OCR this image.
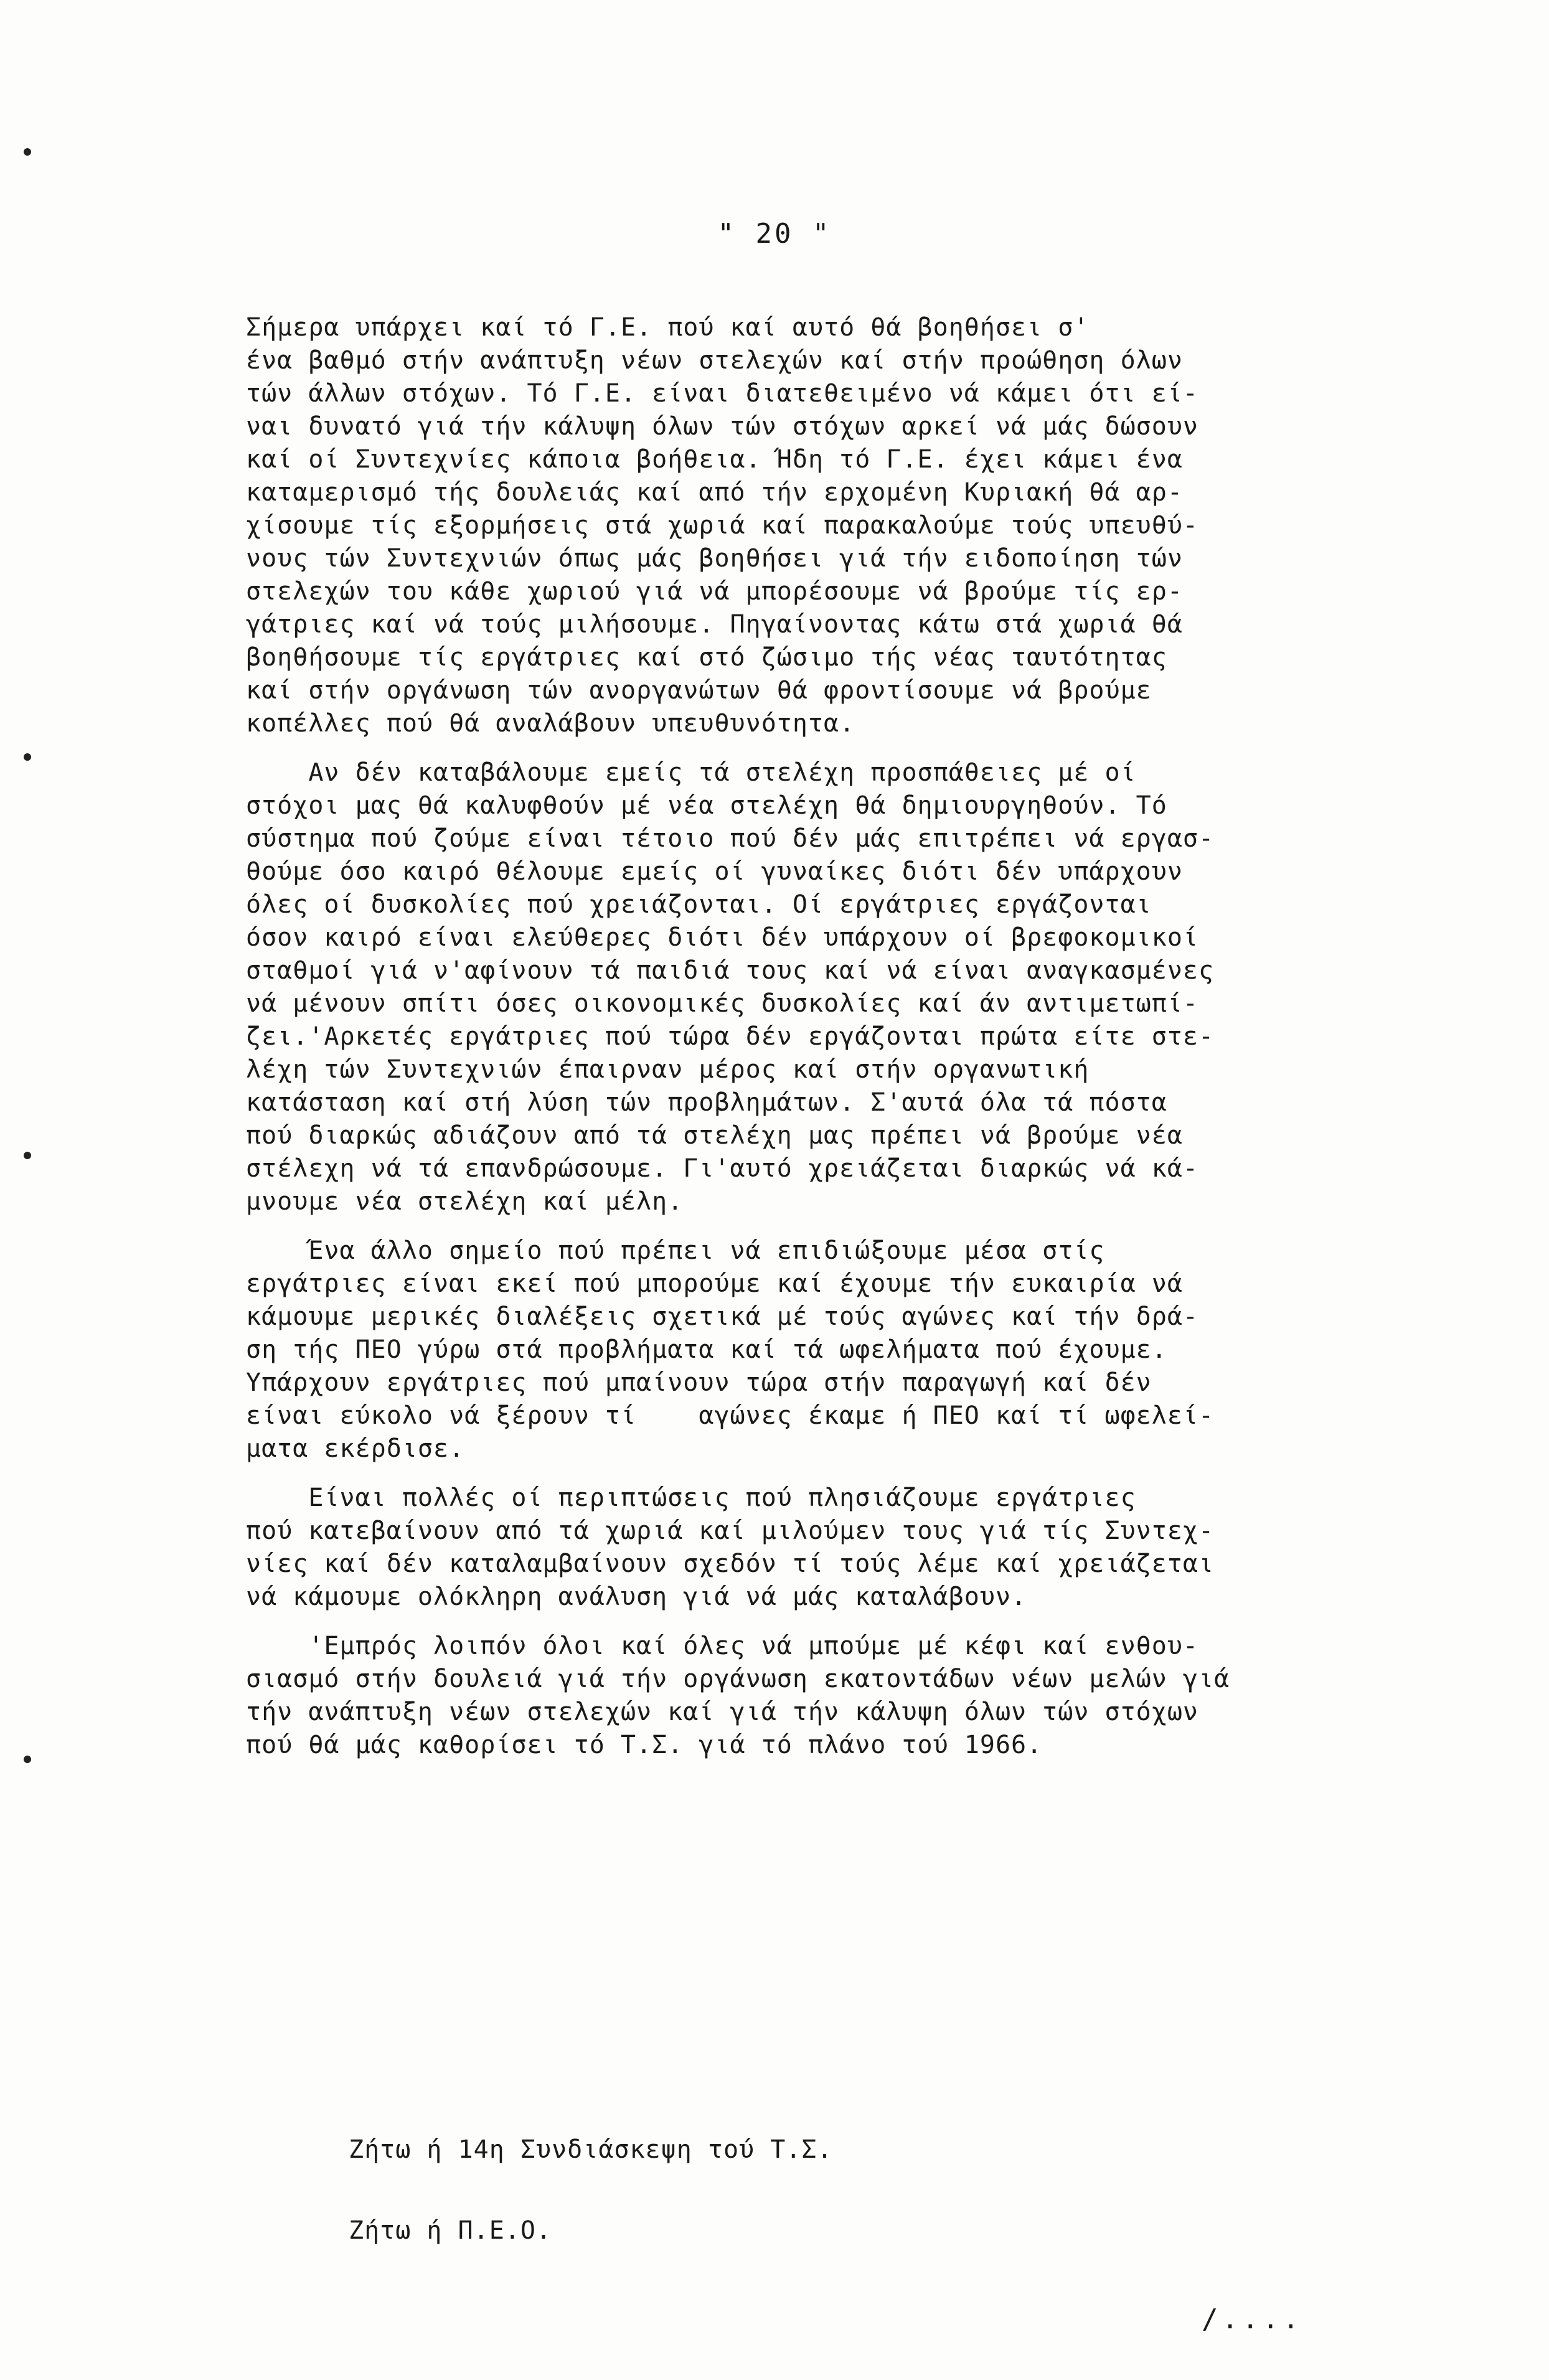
" 20 "
Σήμερα υπάρχει καί τό Γ.Ε. πού καί αυτό θά βοηθήσει σ'
ένα βαθμό στήν ανάπτυξη νέων στελεχών καί στήν προώθηση όλων
τών άλλων στόχων. Τό Γ.Ε. είναι διατεθειμένο νά κάμει ότι εί-
ναι δυνατό γιά τήν κάλυψη όλων τών στόχων αρκεί νά μάς δώσουν
καί οί Συντεχνίες κάποια βοήθεια. Ήδη τό Γ.Ε. έχει κάμει ένα
καταμερισμό τής δουλειάς καί από τήν ερχομένη Κυριακή θά αρ-
χίσουμε τίς εξορμήσεις στά χωριά καί παρακαλούμε τούς υπευθύ-
νους τών Συντεχνιών όπως μάς βοηθήσει γιά τήν ειδοποίηση τών
στελεχών του κάθε χωριού γιά νά μπορέσουμε νά βρούμε τίς ερ-
γάτριες καί νά τούς μιλήσουμε. Πηγαίνοντας κάτω στά χωριά θά
βοηθήσουμε τίς εργάτριες καί στό ζώσιμο τής νέας ταυτότητας
καί στήν οργάνωση τών ανοργανώτων θά φροντίσουμε νά βρούμε
κοπέλλες πού θά αναλάβουν υπευθυνότητα.
Αν δέν καταβάλουμε εμείς τά στελέχη προσπάθειες μέ οί
στόχοι μας θά καλυφθούν μέ νέα στελέχη θά δημιουργηθούν. Τό
σύστημα πού ζούμε είναι τέτοιο πού δέν μάς επιτρέπει νά εργασ-
θούμε όσο καιρό θέλουμε εμείς οί γυναίκες διότι δέν υπάρχουν
όλες οί δυσκολίες πού χρειάζονται. Οί εργάτριες εργάζονται
όσον καιρό είναι ελεύθερες διότι δέν υπάρχουν οί βρεφοκομικοί
σταθμοί γιά ν'αφίνουν τά παιδιά τους καί νά είναι αναγκασμένες
νά μένουν σπίτι όσες οικονομικές δυσκολίες καί άν αντιμετωπί-
ζει.'Αρκετές εργάτριες πού τώρα δέν εργάζονται πρώτα είτε στε-
λέχη τών Συντεχνιών έπαιρναν μέρος καί στήν οργανωτική
κατάσταση καί στή λύση τών προβλημάτων. Σ'αυτά όλα τά πόστα
πού διαρκώς αδιάζουν από τά στελέχη μας πρέπει νά βρούμε νέα
στέλεχη νά τά επανδρώσουμε. Γι'αυτό χρειάζεται διαρκώς νά κά-
μνουμε νέα στελέχη καί μέλη.
Ένα άλλο σημείο πού πρέπει νά επιδιώξουμε μέσα στίς
εργάτριες είναι εκεί πού μπορούμε καί έχουμε τήν ευκαιρία νά
κάμουμε μερικές διαλέξεις σχετικά μέ τούς αγώνες καί τήν δρά-
ση τής ΠΕΟ γύρω στά προβλήματα καί τά ωφελήματα πού έχουμε.
Υπάρχουν εργάτριες πού μπαίνουν τώρα στήν παραγωγή καί δέν
είναι εύκολο νά ξέρουν τί    αγώνες έκαμε ή ΠΕΟ καί τί ωφελεί-
ματα εκέρδισε.
Είναι πολλές οί περιπτώσεις πού πλησιάζουμε εργάτριες
πού κατεβαίνουν από τά χωριά καί μιλούμεν τους γιά τίς Συντεχ-
νίες καί δέν καταλαμβαίνουν σχεδόν τί τούς λέμε καί χρειάζεται
νά κάμουμε ολόκληρη ανάλυση γιά νά μάς καταλάβουν.
'Εμπρός λοιπόν όλοι καί όλες νά μπούμε μέ κέφι καί ενθου-
σιασμό στήν δουλειά γιά τήν οργάνωση εκατοντάδων νέων μελών γιά
τήν ανάπτυξη νέων στελεχών καί γιά τήν κάλυψη όλων τών στόχων
πού θά μάς καθορίσει τό Τ.Σ. γιά τό πλάνο τού 1966.
Ζήτω ή 14η Συνδιάσκεψη τού Τ.Σ.
Ζήτω ή Π.Ε.Ο.
/....
